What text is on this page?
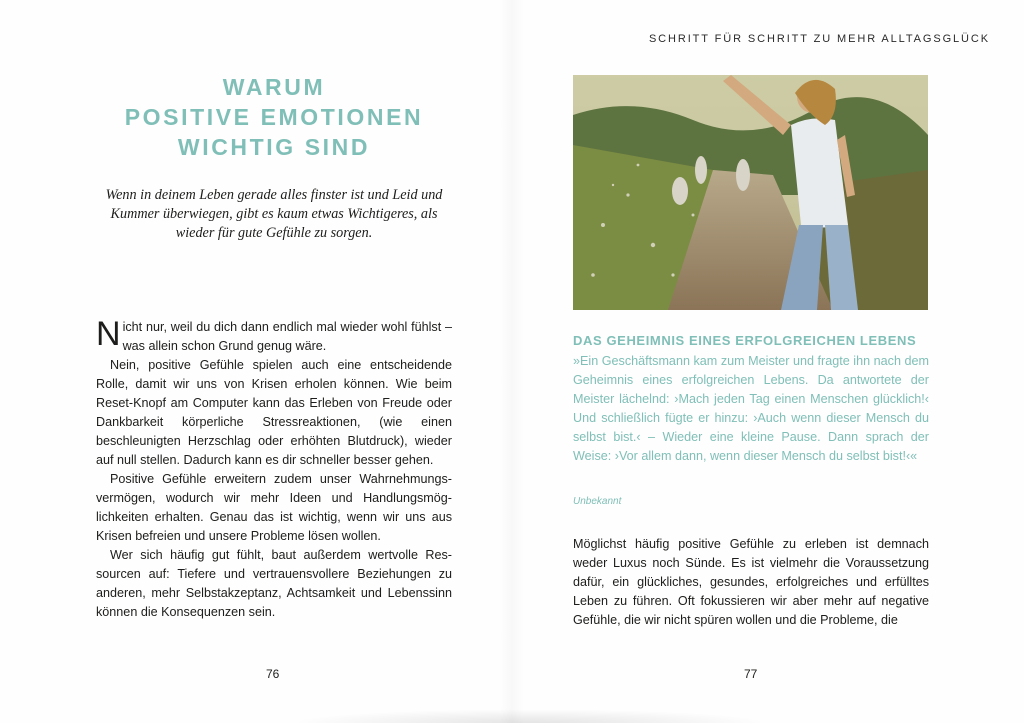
SCHRITT FÜR SCHRITT ZU MEHR ALLTAGSGLÜCK
WARUM
POSITIVE EMOTIONEN
WICHTIG SIND

Wenn in deinem Leben gerade alles finster ist und Leid und Kummer überwiegen, gibt es kaum etwas Wichtigeres, als wieder für gute Gefühle zu sorgen.

Nicht nur, weil du dich dann endlich mal wieder wohl fühlst – was allein schon Grund genug wäre.

Nein, positive Gefühle spielen auch eine entscheidende Rolle, damit wir uns von Krisen erholen können. Wie beim Reset-Knopf am Computer kann das Erleben von Freude oder Dankbarkeit körperliche Stressreaktionen, (wie einen beschleunigten Herzschlag oder erhöhten Blutdruck), wieder auf null stellen. Dadurch kann es dir schneller besser gehen.

Positive Gefühle erweitern zudem unser Wahrnehmungsvermögen, wodurch wir mehr Ideen und Handlungsmöglichkeiten erhalten. Genau das ist wichtig, wenn wir uns aus Krisen befreien und unsere Probleme lösen wollen.

Wer sich häufig gut fühlt, baut außerdem wertvolle Ressourcen auf: Tiefere und vertrauensvollere Beziehungen zu anderen, mehr Selbstakzeptanz, Achtsamkeit und Lebenssinn können die Konsequenzen sein.

76
DAS GEHEIMNIS EINES ERFOLGREICHEN LEBENS

»Ein Geschäftsmann kam zum Meister und fragte ihn nach dem Geheimnis eines erfolgreichen Lebens. Da antwortete der Meister lächelnd: ›Mach jeden Tag einen Menschen glücklich!‹ Und schließlich fügte er hinzu: ›Auch wenn dieser Mensch du selbst bist.‹ – Wieder eine kleine Pause. Dann sprach der Weise: ›Vor allem dann, wenn dieser Mensch du selbst bist!‹«

Unbekannt

Möglichst häufig positive Gefühle zu erleben ist demnach weder Luxus noch Sünde. Es ist vielmehr die Voraussetzung dafür, ein glückliches, gesundes, erfolgreiches und erfülltes Leben zu führen. Oft fokussieren wir aber mehr auf negative Gefühle, die wir nicht spüren wollen und die Probleme, die

77
